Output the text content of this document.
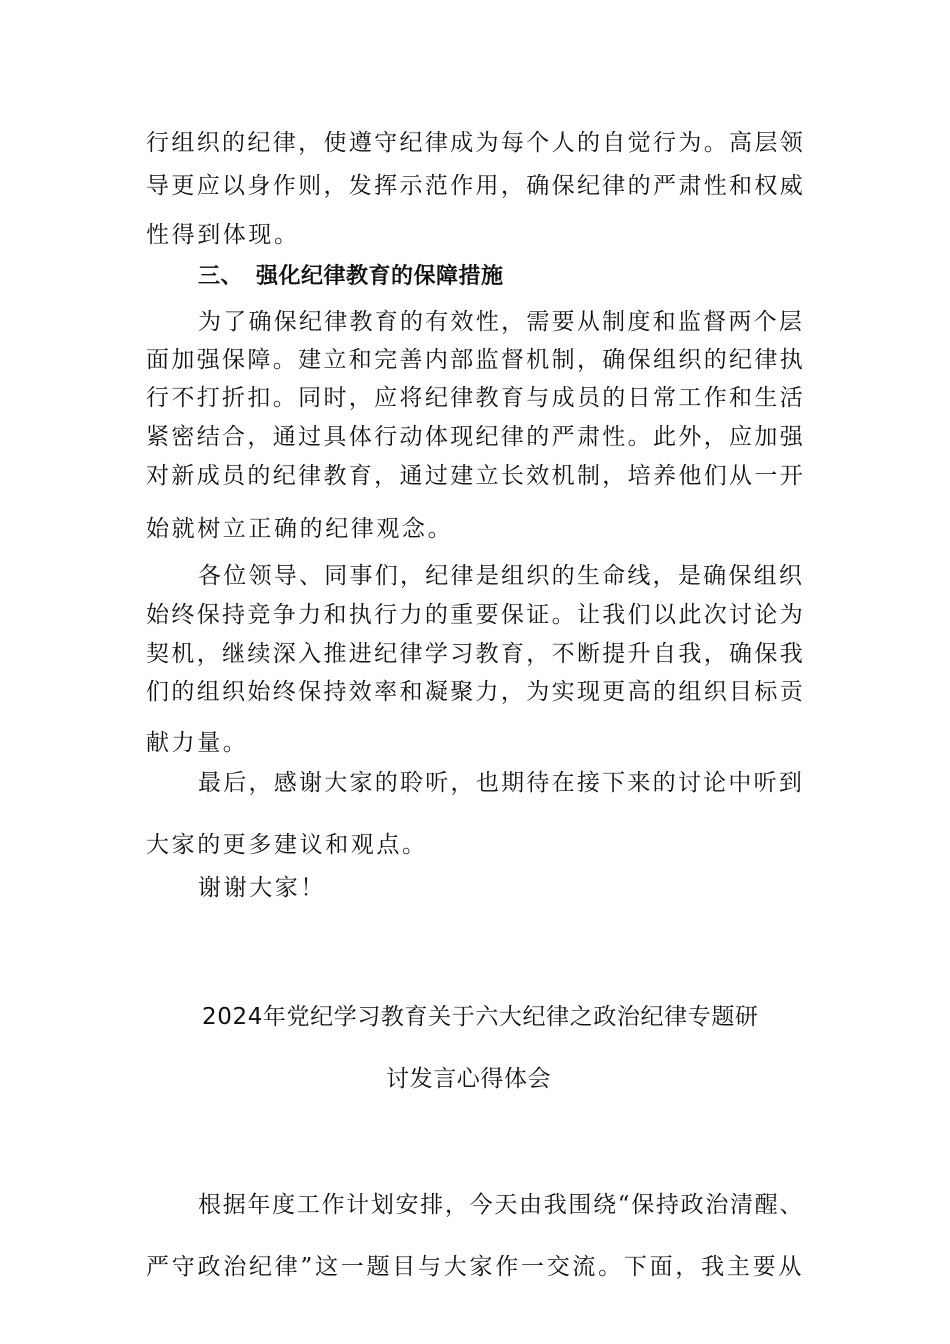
行组织的纪律，使遵守纪律成为每个人的自觉行为。高层领
导更应以身作则，发挥示范作用，确保纪律的严肃性和权威
性得到体现。
三、 强化纪律教育的保障措施
为了确保纪律教育的有效性，需要从制度和监督两个层
面加强保障。建立和完善内部监督机制，确保组织的纪律执
行不打折扣。同时，应将纪律教育与成员的日常工作和生活
紧密结合，通过具体行动体现纪律的严肃性。此外，应加强
对新成员的纪律教育，通过建立长效机制，培养他们从一开
始就树立正确的纪律观念。
各位领导、同事们，纪律是组织的生命线，是确保组织
始终保持竞争力和执行力的重要保证。让我们以此次讨论为
契机，继续深入推进纪律学习教育，不断提升自我，确保我
们的组织始终保持效率和凝聚力，为实现更高的组织目标贡
献力量。
最后，感谢大家的聆听，也期待在接下来的讨论中听到
大家的更多建议和观点。
谢谢大家！
2024年党纪学习教育关于六大纪律之政治纪律专题研
讨发言心得体会
根据年度工作计划安排，今天由我围绕“保持政治清醒、
严守政治纪律”这一题目与大家作一交流。下面，我主要从
